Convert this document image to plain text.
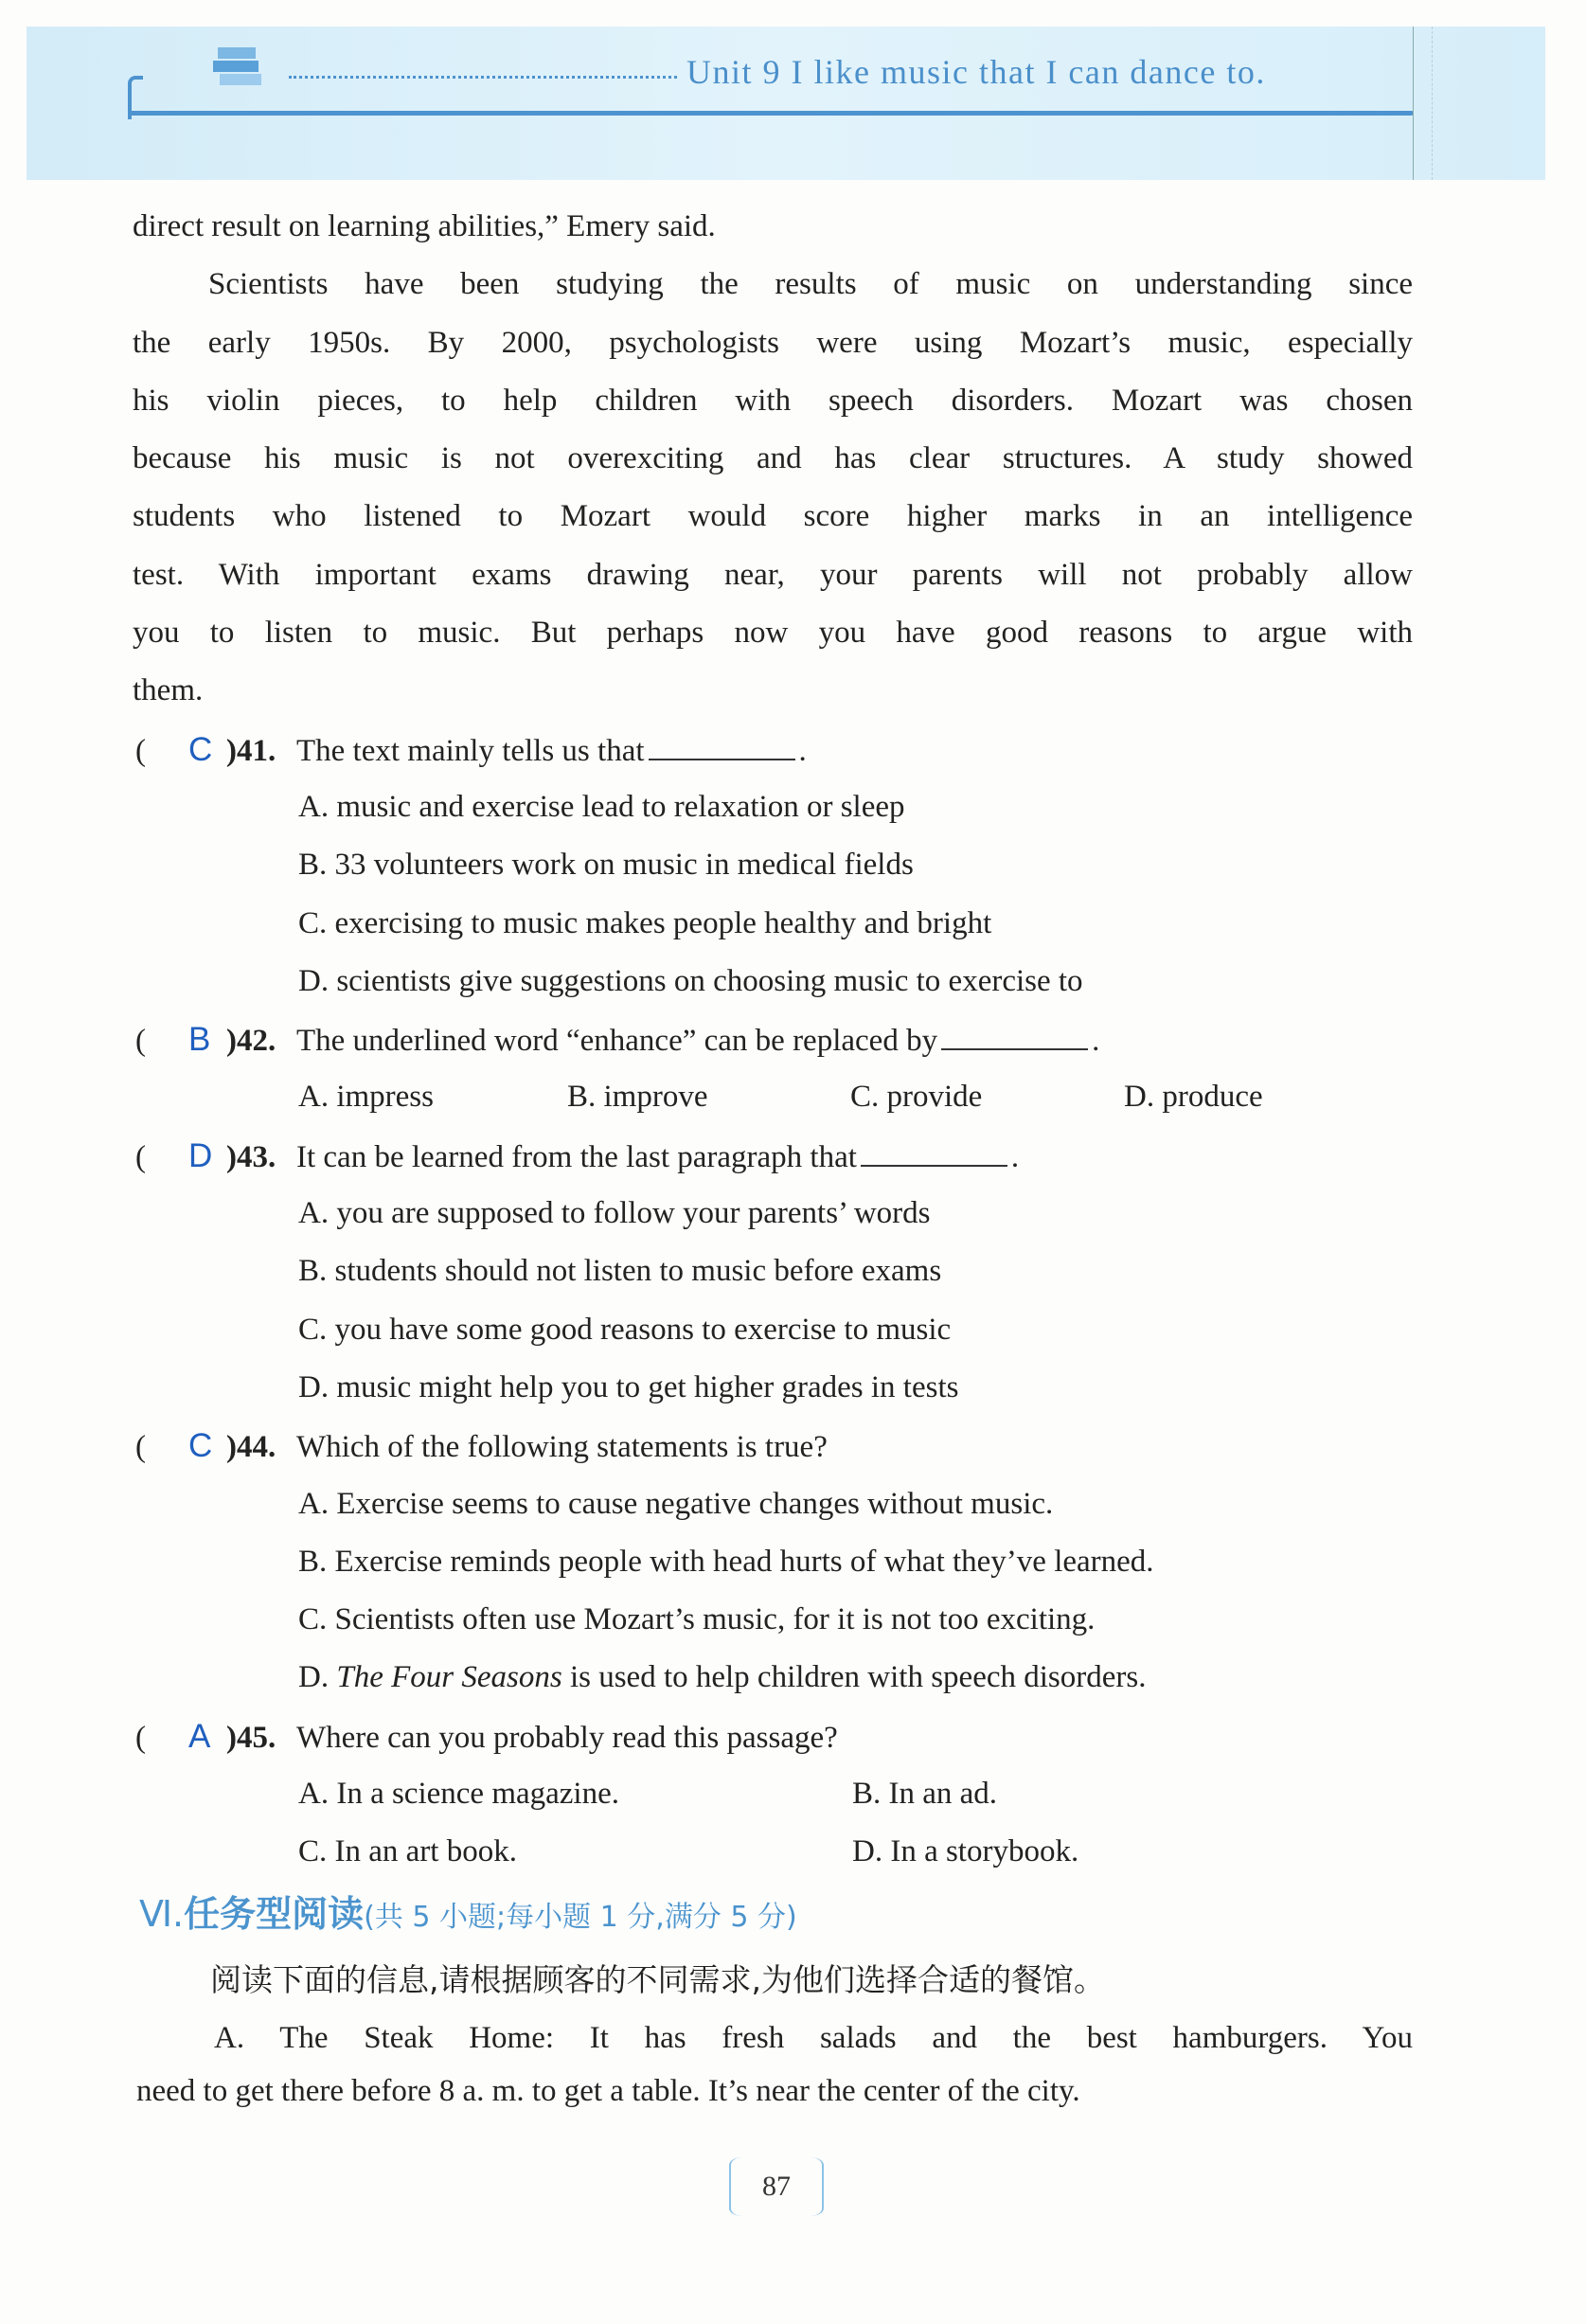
Unit 9 I like music that I can dance to.
direct result on learning abilities,” Emery said.
Scientists have been studying the results of music on understanding since
the early 1950s. By 2000, psychologists were using Mozart’s music, especially
his violin pieces, to help children with speech disorders. Mozart was chosen
because his music is not overexciting and has clear structures. A study showed
students who listened to Mozart would score higher marks in an intelligence
test. With important exams drawing near, your parents will not probably allow
you to listen to music. But perhaps now you have good reasons to argue with
them.
( C )41. The text mainly tells us that	.
A. music and exercise lead to relaxation or sleep
B. 33 volunteers work on music in medical fields
C. exercising to music makes people healthy and bright
D. scientists give suggestions on choosing music to exercise to
( B )42. The underlined word “enhance” can be replaced by	.
A. impress	B. improve	C. provide	D. produce
( D )43. It can be learned from the last paragraph that	.
A. you are supposed to follow your parents’ words
B. students should not listen to music before exams
C. you have some good reasons to exercise to music
D. music might help you to get higher grades in tests
( C )44. Which of the following statements is true?
A. Exercise seems to cause negative changes without music.
B. Exercise reminds people with head hurts of what they’ve learned.
C. Scientists often use Mozart’s music, for it is not too exciting.
D. The Four Seasons is used to help children with speech disorders.
( A )45. Where can you probably read this passage?
A. In a science magazine.	B. In an ad.
C. In an art book.	D. In a storybook.
Ⅵ.任务型阅读(共 5 小题;每小题 1 分,满分 5 分)
阅读下面的信息,请根据顾客的不同需求,为他们选择合适的餐馆。
A. The Steak Home: It has fresh salads and the best hamburgers. You
need to get there before 8 a. m. to get a table. It’s near the center of the city.
87
